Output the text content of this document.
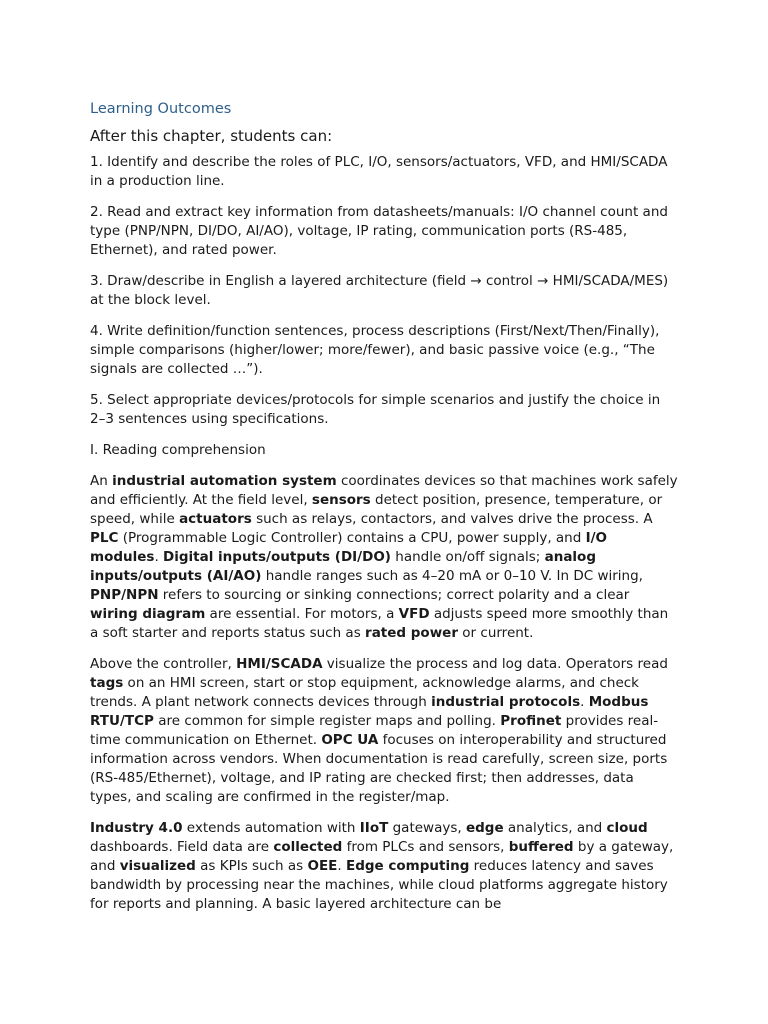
Learning Outcomes
After this chapter, students can:

1. Identify and describe the roles of PLC, I/O, sensors/actuators, VFD, and HMI/SCADA in a production line.

2. Read and extract key information from datasheets/manuals: I/O channel count and type (PNP/NPN, DI/DO, AI/AO), voltage, IP rating, communication ports (RS-485, Ethernet), and rated power.

3. Draw/describe in English a layered architecture (field → control → HMI/SCADA/MES) at the block level.

4. Write definition/function sentences, process descriptions (First/Next/Then/Finally), simple comparisons (higher/lower; more/fewer), and basic passive voice (e.g., “The signals are collected …”).

5. Select appropriate devices/protocols for simple scenarios and justify the choice in 2–3 sentences using specifications.

I. Reading comprehension

An industrial automation system coordinates devices so that machines work safely and efficiently. At the field level, sensors detect position, presence, temperature, or speed, while actuators such as relays, contactors, and valves drive the process. A PLC (Programmable Logic Controller) contains a CPU, power supply, and I/O modules. Digital inputs/outputs (DI/DO) handle on/off signals; analog inputs/outputs (AI/AO) handle ranges such as 4–20 mA or 0–10 V. In DC wiring, PNP/NPN refers to sourcing or sinking connections; correct polarity and a clear wiring diagram are essential. For motors, a VFD adjusts speed more smoothly than a soft starter and reports status such as rated power or current.

Above the controller, HMI/SCADA visualize the process and log data. Operators read tags on an HMI screen, start or stop equipment, acknowledge alarms, and check trends. A plant network connects devices through industrial protocols. Modbus RTU/TCP are common for simple register maps and polling. Profinet provides real-time communication on Ethernet. OPC UA focuses on interoperability and structured information across vendors. When documentation is read carefully, screen size, ports (RS-485/Ethernet), voltage, and IP rating are checked first; then addresses, data types, and scaling are confirmed in the register/map.

Industry 4.0 extends automation with IIoT gateways, edge analytics, and cloud dashboards. Field data are collected from PLCs and sensors, buffered by a gateway, and visualized as KPIs such as OEE. Edge computing reduces latency and saves bandwidth by processing near the machines, while cloud platforms aggregate history for reports and planning. A basic layered architecture can be
